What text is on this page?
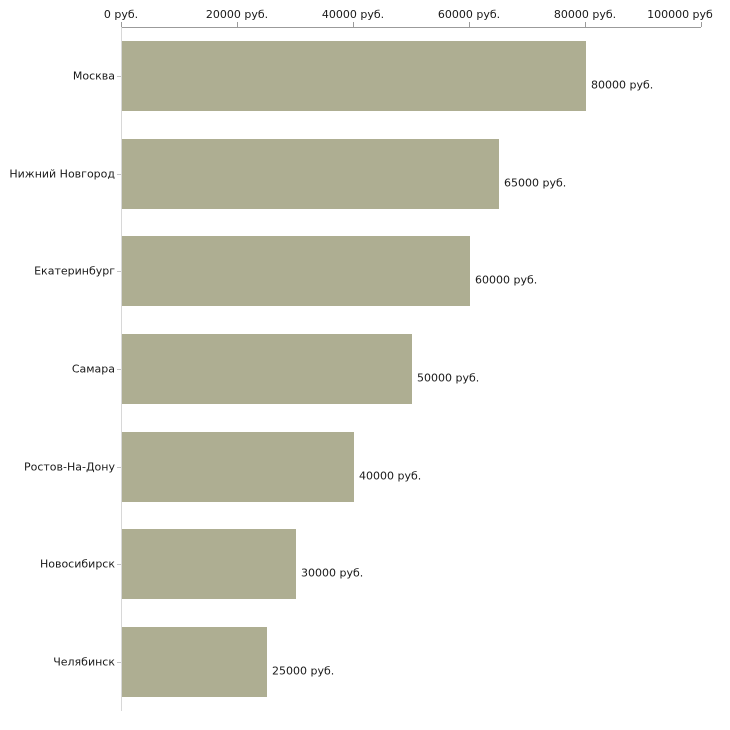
0 руб.	20000 руб.	40000 руб.	60000 руб.	80000 руб.	100000 руб
Москва
Нижний Новгород
Екатеринбург
Самара
Ростов-На-Дону
Новосибирск
Челябинск
80000 руб.
65000 руб.
60000 руб.
50000 руб.
40000 руб.
30000 руб.
25000 руб.
